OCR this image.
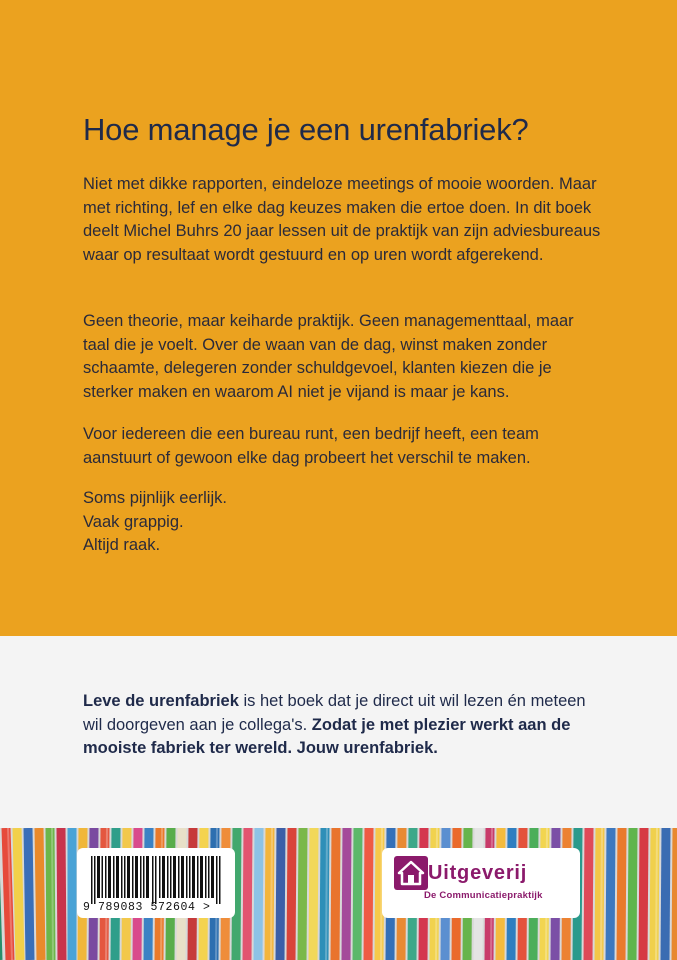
Hoe manage je een urenfabriek?

Niet met dikke rapporten, eindeloze meetings of mooie woorden. Maar met richting, lef en elke dag keuzes maken die ertoe doen. In dit boek deelt Michel Buhrs 20 jaar lessen uit de praktijk van zijn adviesbureaus waar op resultaat wordt gestuurd en op uren wordt afgerekend.

Geen theorie, maar keiharde praktijk. Geen managementtaal, maar taal die je voelt. Over de waan van de dag, winst maken zonder schaamte, delegeren zonder schuldgevoel, klanten kiezen die je sterker maken en waarom AI niet je vijand is maar je kans.

Voor iedereen die een bureau runt, een bedrijf heeft, een team aanstuurt of gewoon elke dag probeert het verschil te maken.

Soms pijnlijk eerlijk.
Vaak grappig.
Altijd raak.

Leve de urenfabriek is het boek dat je direct uit wil lezen én meteen wil doorgeven aan je collega's. Zodat je met plezier werkt aan de mooiste fabriek ter wereld. Jouw urenfabriek.

9 789083 572604 >
Uitgeverij
De Communicatiepraktijk
